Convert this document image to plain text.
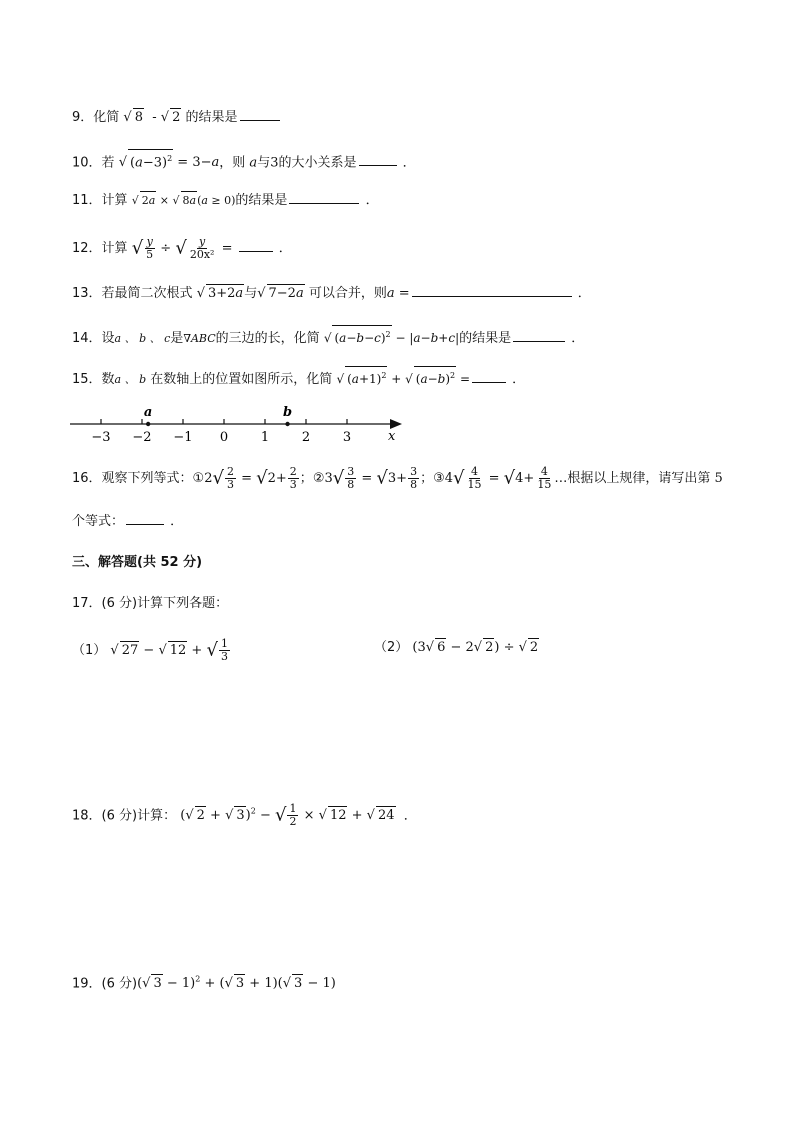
9．化简 √ 8  - √ 2 的结果是
10．若 √ $(a-3)^2 = 3-a$，则 a与3的大小关系是	．
11．计算 √ 2a × √ 8a(a ≥ 0)的结果是	．
12．计算 √ $\frac{y}{5}$ ÷ √ $\frac{y}{\text{20x²}}$ =	．
13．若最简二次根式 √ 3+2a与√ 7−2a 可以合并，则a =	．
14．设a 、 b 、 c是∇ABC的三边的长，化简 √ $(a-b-c)^2 - |a-b+c|$的结果是	．
15．数a 、 b 在数轴上的位置如图所示，化简 √ $(a+1)^2$ + √ $(a-b)^2$ =	．
−3 −2 −1 0	1	2	3
a	b
x
16．观察下列等式：①2√ $\frac{2}{3} = √2+ \frac{2}{3}$ ；②3√ $\frac{3}{8} = √3+ \frac{3}{8}$ ；③4√ $\frac{4}{15} = √4+ \frac{4}{15}$ …根据以上规律，请写出第 5
个等式：	．
三、解答题(共 52 分)
17．(6 分)计算下列各题：
（1） √ 27 − √ 12 + √ $\frac{1}{3}$	（2） (3√ 6 − 2√ 2) ÷ √ 2
18．(6 分)计算： (√ 2 + √ 3)$^2$ − √ $\frac{1}{2}$ × √ 12 + √ 24 ．
19．(6 分)(√ 3 − 1)$^2$ + (√ 3 + 1)(√ 3 − 1)
